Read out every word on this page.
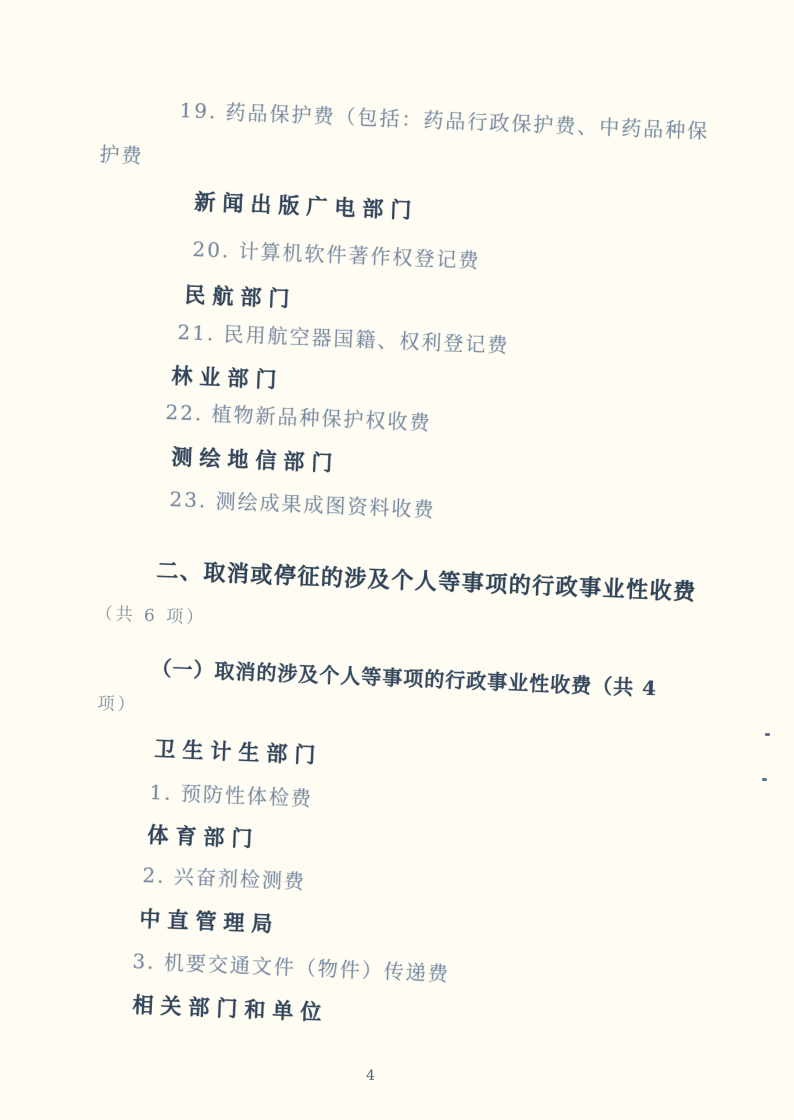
19. 药品保护费（包括：药品行政保护费、中药品种保
护费
新闻出版广电部门
20. 计算机软件著作权登记费
民航部门
21. 民用航空器国籍、权利登记费
林业部门
22. 植物新品种保护权收费
测绘地信部门
23. 测绘成果成图资料收费
二、取消或停征的涉及个人等事项的行政事业性收费
（共 6 项）
（一）取消的涉及个人等事项的行政事业性收费（共 4
项）
卫生计生部门
1. 预防性体检费
体育部门
2. 兴奋剂检测费
中直管理局
3. 机要交通文件（物件）传递费
相关部门和单位
4
